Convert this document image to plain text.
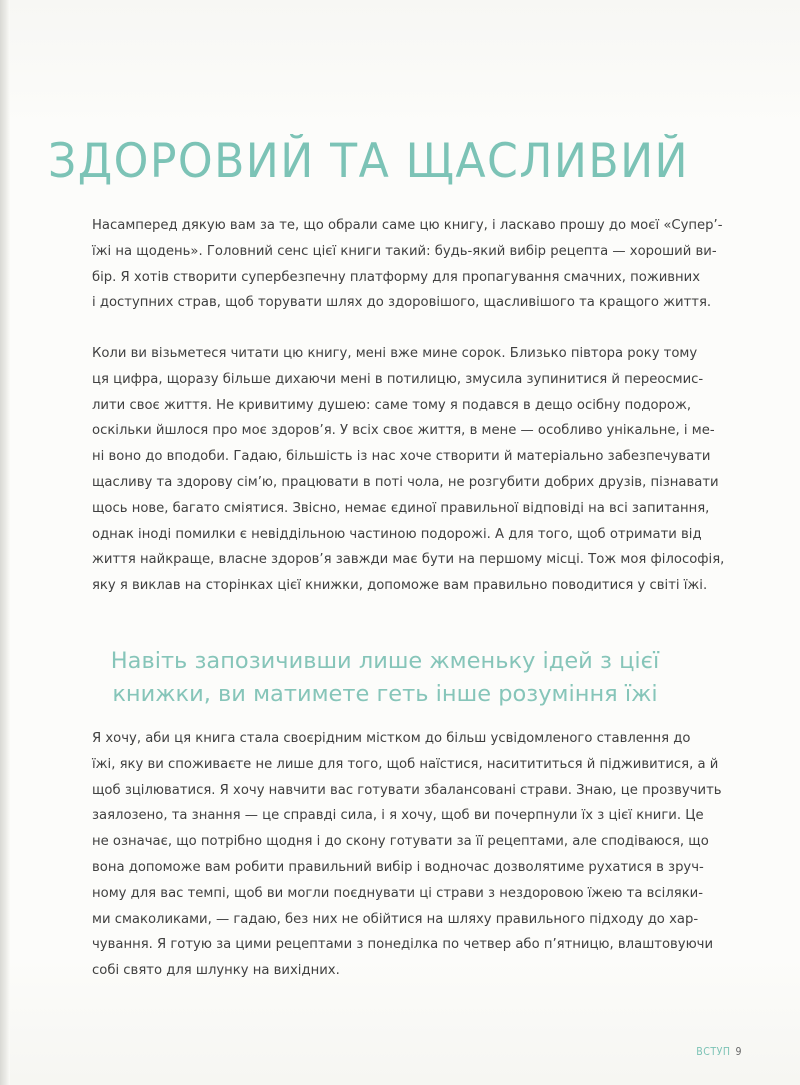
ЗДОРОВИЙ ТА ЩАСЛИВИЙ
Насамперед дякую вам за те, що обрали саме цю книгу, і ласкаво прошу до моєї «Супер’-
їжі на щодень». Головний сенс цієї книги такий: будь-який вибір рецепта — хороший ви-
бір. Я хотів створити супербезпечну платформу для пропагування смачних, поживних
і доступних страв, щоб торувати шлях до здоровішого, щасливішого та кращого життя.
Коли ви візьметеся читати цю книгу, мені вже мине сорок. Близько півтора року тому
ця цифра, щоразу більше дихаючи мені в потилицю, змусила зупинитися й переосмис-
лити своє життя. Не кривитиму душею: саме тому я подався в дещо осібну подорож,
оскільки йшлося про моє здоров’я. У всіх своє життя, в мене — особливо унікальне, і ме-
ні воно до вподоби. Гадаю, більшість із нас хоче створити й матеріально забезпечувати
щасливу та здорову сім’ю, працювати в поті чола, не розгубити добрих друзів, пізнавати
щось нове, багато сміятися. Звісно, немає єдиної правильної відповіді на всі запитання,
однак іноді помилки є невіддільною частиною подорожі. А для того, щоб отримати від
життя найкраще, власне здоров’я завжди має бути на першому місці. Тож моя філософія,
яку я виклав на сторінках цієї книжки, допоможе вам правильно поводитися у світі їжі.
Навіть запозичивши лише жменьку ідей з цієї
книжки, ви матимете геть інше розуміння їжі
Я хочу, аби ця книга стала своєрідним містком до більш усвідомленого ставлення до
їжі, яку ви споживаєте не лише для того, щоб наїстися, наситититься й підживитися, а й
щоб зцілюватися. Я хочу навчити вас готувати збалансовані страви. Знаю, це прозвучить
заялозено, та знання — це справді сила, і я хочу, щоб ви почерпнули їх з цієї книги. Це
не означає, що потрібно щодня і до скону готувати за її рецептами, але сподіваюся, що
вона допоможе вам робити правильний вибір і водночас дозволятиме рухатися в зруч-
ному для вас темпі, щоб ви могли поєднувати ці страви з нездоровою їжею та всіляки-
ми смаколиками, — гадаю, без них не обійтися на шляху правильного підходу до хар-
чування. Я готую за цими рецептами з понеділка по четвер або п’ятницю, влаштовуючи
собі свято для шлунку на вихідних.
ВСТУП 9
